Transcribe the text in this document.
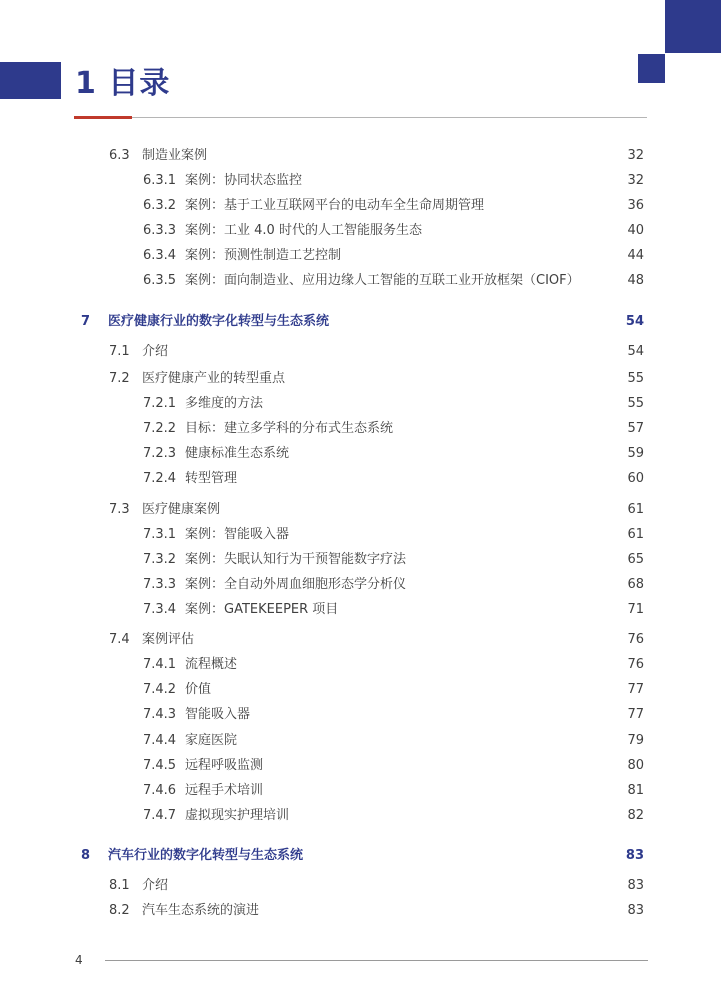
1 目录
6.3 制造业案例	32
6.3.1 案例：协同状态监控	32
6.3.2 案例：基于工业互联网平台的电动车全生命周期管理	36
6.3.3 案例：工业 4.0 时代的人工智能服务生态	40
6.3.4 案例：预测性制造工艺控制	44
6.3.5 案例：面向制造业、应用边缘人工智能的互联工业开放框架（CIOF）	48
7 医疗健康行业的数字化转型与生态系统	54
7.1 介绍	54
7.2 医疗健康产业的转型重点	55
7.2.1 多维度的方法	55
7.2.2 目标：建立多学科的分布式生态系统	57
7.2.3 健康标准生态系统	59
7.2.4 转型管理	60
7.3 医疗健康案例	61
7.3.1 案例：智能吸入器	61
7.3.2 案例：失眠认知行为干预智能数字疗法	65
7.3.3 案例：全自动外周血细胞形态学分析仪	68
7.3.4 案例：GATEKEEPER 项目	71
7.4 案例评估	76
7.4.1 流程概述	76
7.4.2 价值	77
7.4.3 智能吸入器	77
7.4.4 家庭医院	79
7.4.5 远程呼吸监测	80
7.4.6 远程手术培训	81
7.4.7 虚拟现实护理培训	82
8 汽车行业的数字化转型与生态系统	83
8.1 介绍	83
8.2 汽车生态系统的演进	83
4
